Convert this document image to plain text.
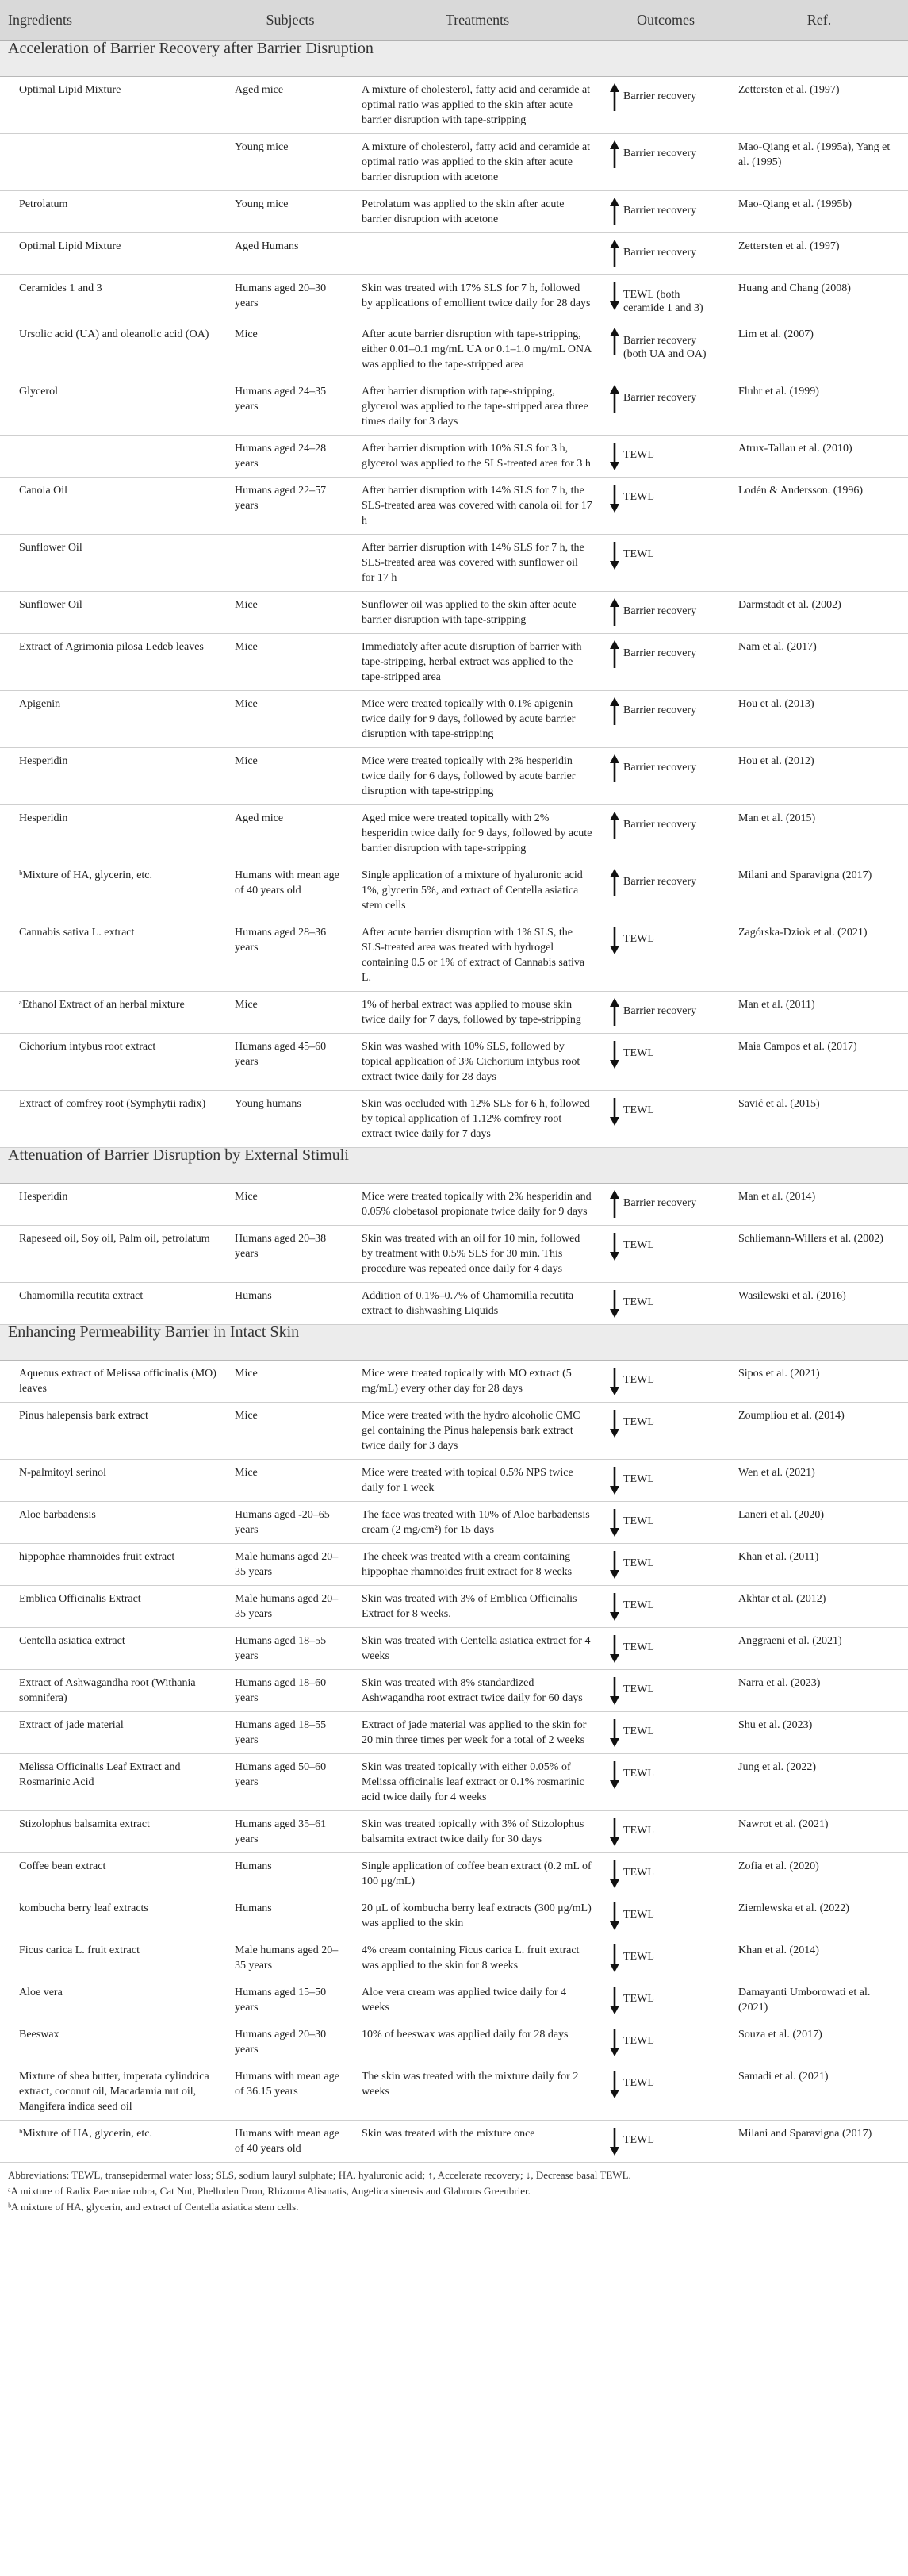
Ingredients	Subjects	Treatments	Outcomes	Ref.
Acceleration of Barrier Recovery after Barrier Disruption				
Optimal Lipid Mixture	Aged mice	A mixture of cholesterol, fatty acid and ceramide at optimal ratio was applied to the skin after acute barrier disruption with tape-stripping	Barrier recovery	Zettersten et al. (1997)
	Young mice	A mixture of cholesterol, fatty acid and ceramide at optimal ratio was applied to the skin after acute barrier disruption with acetone	Barrier recovery	Mao-Qiang et al. (1995a), Yang et al. (1995)
Petrolatum	Young mice	Petrolatum was applied to the skin after acute barrier disruption with acetone	Barrier recovery	Mao-Qiang et al. (1995b)
Optimal Lipid Mixture	Aged Humans		Barrier recovery	Zettersten et al. (1997)
Ceramides 1 and 3	Humans aged 20–30 years	Skin was treated with 17% SLS for 7 h, followed by applications of emollient twice daily for 28 days	TEWL (both ceramide 1 and 3)	Huang and Chang (2008)
Ursolic acid (UA) and oleanolic acid (OA)	Mice	After acute barrier disruption with tape-stripping, either 0.01–0.1 mg/mL UA or 0.1–1.0 mg/mL ONA was applied to the tape-stripped area	Barrier recovery (both UA and OA)	Lim et al. (2007)
Glycerol	Humans aged 24–35 years	After barrier disruption with tape-stripping, glycerol was applied to the tape-stripped area three times daily for 3 days	Barrier recovery	Fluhr et al. (1999)
	Humans aged 24–28 years	After barrier disruption with 10% SLS for 3 h, glycerol was applied to the SLS-treated area for 3 h	TEWL	Atrux-Tallau et al. (2010)
Canola Oil	Humans aged 22–57 years	After barrier disruption with 14% SLS for 7 h, the SLS-treated area was covered with canola oil for 17 h	TEWL	Lodén & Andersson. (1996)
Sunflower Oil		After barrier disruption with 14% SLS for 7 h, the SLS-treated area was covered with sunflower oil for 17 h	TEWL	

Sunflower Oil	Mice	Sunflower oil was applied to the skin after acute barrier disruption with tape-stripping	Barrier recovery	Darmstadt et al. (2002)
Extract of Agrimonia pilosa Ledeb leaves	Mice	Immediately after acute disruption of barrier with tape-stripping, herbal extract was applied to the tape-stripped area	Barrier recovery	Nam et al. (2017)
Apigenin	Mice	Mice were treated topically with 0.1% apigenin twice daily for 9 days, followed by acute barrier disruption with tape-stripping	Barrier recovery	Hou et al. (2013)
Hesperidin	Mice	Mice were treated topically with 2% hesperidin twice daily for 6 days, followed by acute barrier disruption with tape-stripping	Barrier recovery	Hou et al. (2012)
Hesperidin	Aged mice	Aged mice were treated topically with 2% hesperidin twice daily for 9 days, followed by acute barrier disruption with tape-stripping	Barrier recovery	Man et al. (2015)
ᵇMixture of HA, glycerin, etc.	Humans with mean age of 40 years old	Single application of a mixture of hyaluronic acid 1%, glycerin 5%, and extract of Centella asiatica stem cells	Barrier recovery	Milani and Sparavigna (2017)
Cannabis sativa L. extract	Humans aged 28–36 years	After acute barrier disruption with 1% SLS, the SLS-treated area was treated with hydrogel containing 0.5 or 1% of extract of Cannabis sativa L.	TEWL	Zagórska-Dziok et al. (2021)
ᵃEthanol Extract of an herbal mixture	Mice	1% of herbal extract was applied to mouse skin twice daily for 7 days, followed by tape-stripping	Barrier recovery	Man et al. (2011)
Cichorium intybus root extract	Humans aged 45–60 years	Skin was washed with 10% SLS, followed by topical application of 3% Cichorium intybus root extract twice daily for 28 days	TEWL	Maia Campos et al. (2017)
Extract of comfrey root (Symphytii radix)	Young humans	Skin was occluded with 12% SLS for 6 h, followed by topical application of 1.12% comfrey root extract twice daily for 7 days	TEWL	Savić et al. (2015)
Attenuation of Barrier Disruption by External Stimuli				
Hesperidin	Mice	Mice were treated topically with 2% hesperidin and 0.05% clobetasol propionate twice daily for 9 days	Barrier recovery	Man et al. (2014)
Rapeseed oil, Soy oil, Palm oil, petrolatum	Humans aged 20–38 years	Skin was treated with an oil for 10 min, followed by treatment with 0.5% SLS for 30 min. This procedure was repeated once daily for 4 days	TEWL	Schliemann-Willers et al. (2002)
Chamomilla recutita extract	Humans	Addition of 0.1%–0.7% of Chamomilla recutita extract to dishwashing Liquids	TEWL	Wasilewski et al. (2016)
Enhancing Permeability Barrier in Intact Skin				
Aqueous extract of Melissa officinalis (MO) leaves	Mice	Mice were treated topically with MO extract (5 mg/mL) every other day for 28 days	TEWL	Sipos et al. (2021)
Pinus halepensis bark extract	Mice	Mice were treated with the hydro alcoholic CMC gel containing the Pinus halepensis bark extract twice daily for 3 days	TEWL	Zoumpliou et al. (2014)
N-palmitoyl serinol	Mice	Mice were treated with topical 0.5% NPS twice daily for 1 week	TEWL	Wen et al. (2021)
Aloe barbadensis	Humans aged -20–65 years	The face was treated with 10% of Aloe barbadensis cream (2 mg/cm²) for 15 days	TEWL	Laneri et al. (2020)
hippophae rhamnoides fruit extract	Male humans aged 20–35 years	The cheek was treated with a cream containing hippophae rhamnoides fruit extract for 8 weeks	TEWL	Khan et al. (2011)
Emblica Officinalis Extract	Male humans aged 20–35 years	Skin was treated with 3% of Emblica Officinalis Extract for 8 weeks.	TEWL	Akhtar et al. (2012)
Centella asiatica extract	Humans aged 18–55 years	Skin was treated with Centella asiatica extract for 4 weeks	TEWL	Anggraeni et al. (2021)
Extract of Ashwagandha root (Withania somnifera)	Humans aged 18–60 years	Skin was treated with 8% standardized Ashwagandha root extract twice daily for 60 days	TEWL	Narra et al. (2023)
Extract of jade material	Humans aged 18–55 years	Extract of jade material was applied to the skin for 20 min three times per week for a total of 2 weeks	TEWL	Shu et al. (2023)
Melissa Officinalis Leaf Extract and Rosmarinic Acid	Humans aged 50–60 years	Skin was treated topically with either 0.05% of Melissa officinalis leaf extract or 0.1% rosmarinic acid twice daily for 4 weeks	TEWL	Jung et al. (2022)
Stizolophus balsamita extract	Humans aged 35–61 years	Skin was treated topically with 3% of Stizolophus balsamita extract twice daily for 30 days	TEWL	Nawrot et al. (2021)
Coffee bean extract	Humans	Single application of coffee bean extract (0.2 mL of 100 μg/mL)	TEWL	Zofia et al. (2020)
kombucha berry leaf extracts	Humans	20 μL of kombucha berry leaf extracts (300 μg/mL) was applied to the skin	TEWL	Ziemlewska et al. (2022)
Ficus carica L. fruit extract	Male humans aged 20–35 years	4% cream containing Ficus carica L. fruit extract was applied to the skin for 8 weeks	TEWL	Khan et al. (2014)
Aloe vera	Humans aged 15–50 years	Aloe vera cream was applied twice daily for 4 weeks	TEWL	Damayanti Umborowati et al. (2021)
Beeswax	Humans aged 20–30 years	10% of beeswax was applied daily for 28 days	TEWL	Souza et al. (2017)
Mixture of shea butter, imperata cylindrica extract, coconut oil, Macadamia nut oil, Mangifera indica seed oil	Humans with mean age of 36.15 years	The skin was treated with the mixture daily for 2 weeks	TEWL	Samadi et al. (2021)
ᵇMixture of HA, glycerin, etc.	Humans with mean age of 40 years old	Skin was treated with the mixture once	TEWL	Milani and Sparavigna (2017)
Abbreviations: TEWL, transepidermal water loss; SLS, sodium lauryl sulphate; HA, hyaluronic acid; ↑, Accelerate recovery; ↓, Decrease basal TEWL.				
ᵃA mixture of Radix Paeoniae rubra, Cat Nut, Phelloden Dron, Rhizoma Alismatis, Angelica sinensis and Glabrous Greenbrier.				
ᵇA mixture of HA, glycerin, and extract of Centella asiatica stem cells.				
